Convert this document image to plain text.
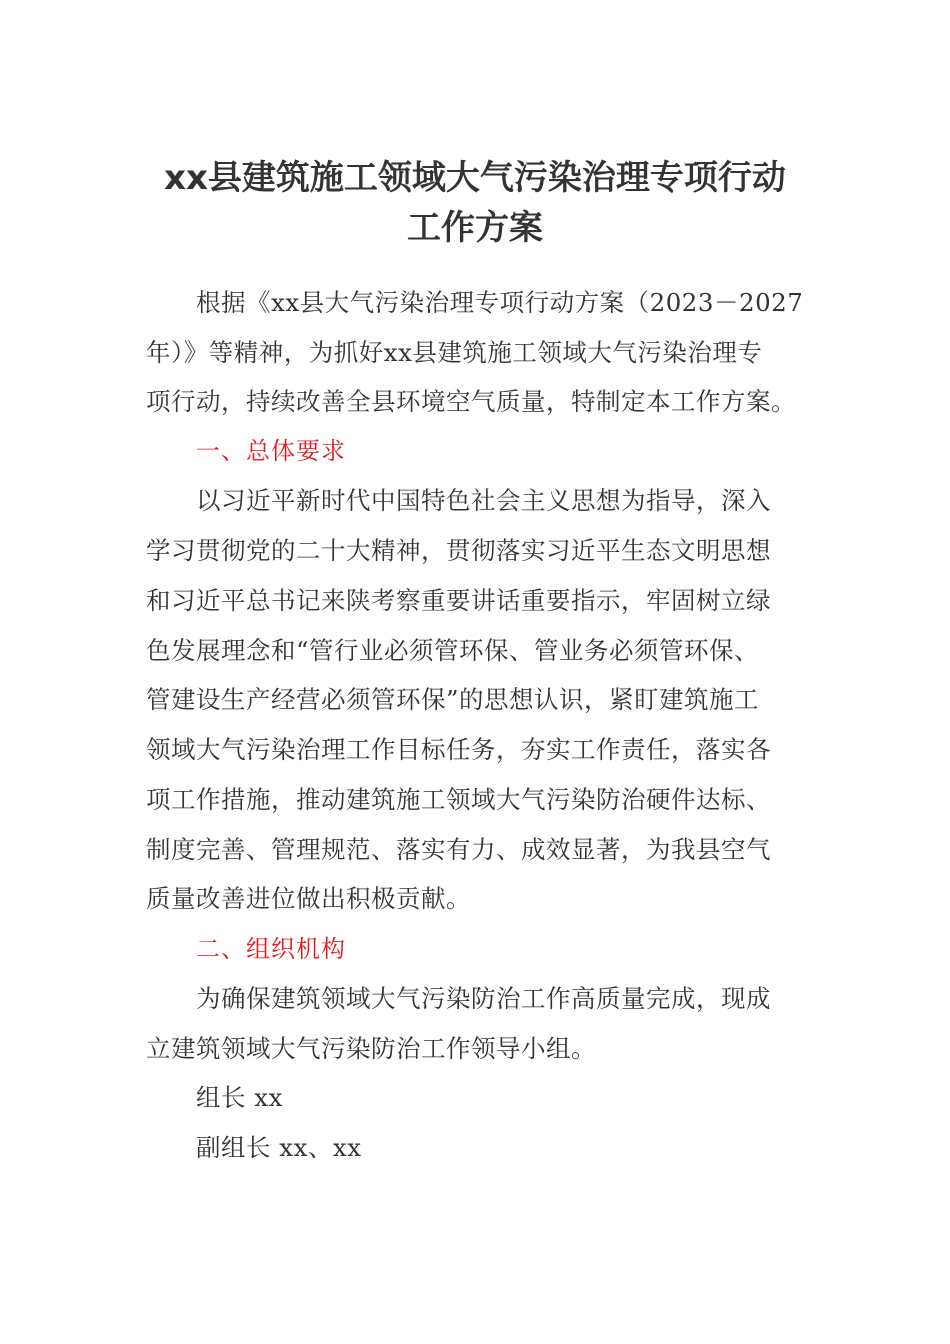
xx县建筑施工领域大气污染治理专项行动
工作方案
根据《xx县大气污染治理专项行动方案（2023－2027
年）》等精神，为抓好xx县建筑施工领域大气污染治理专
项行动，持续改善全县环境空气质量，特制定本工作方案。
一、总体要求
以习近平新时代中国特色社会主义思想为指导，深入
学习贯彻党的二十大精神，贯彻落实习近平生态文明思想
和习近平总书记来陕考察重要讲话重要指示，牢固树立绿
色发展理念和“管行业必须管环保、管业务必须管环保、
管建设生产经营必须管环保”的思想认识，紧盯建筑施工
领域大气污染治理工作目标任务，夯实工作责任，落实各
项工作措施，推动建筑施工领域大气污染防治硬件达标、
制度完善、管理规范、落实有力、成效显著，为我县空气
质量改善进位做出积极贡献。
二、组织机构
为确保建筑领域大气污染防治工作高质量完成，现成
立建筑领域大气污染防治工作领导小组。
组长 xx
副组长 xx、xx
